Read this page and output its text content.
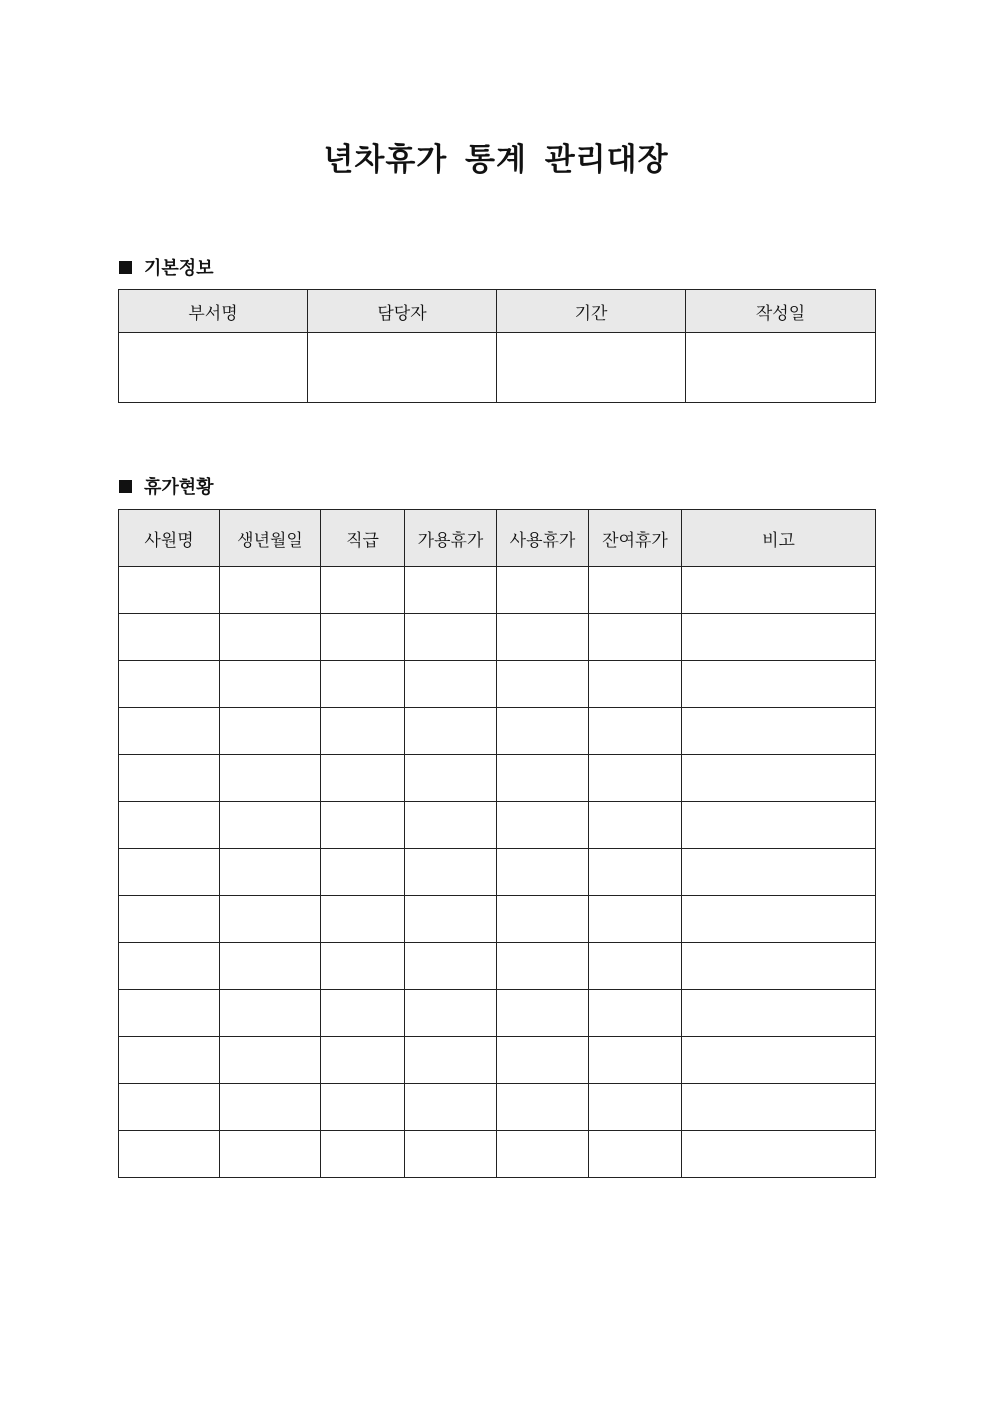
년차휴가 통계 관리대장
기본정보
부서명	담당자	기간	작성일

휴가현황
사원명	생년월일	직급	가용휴가	사용휴가	잔여휴가	비고
